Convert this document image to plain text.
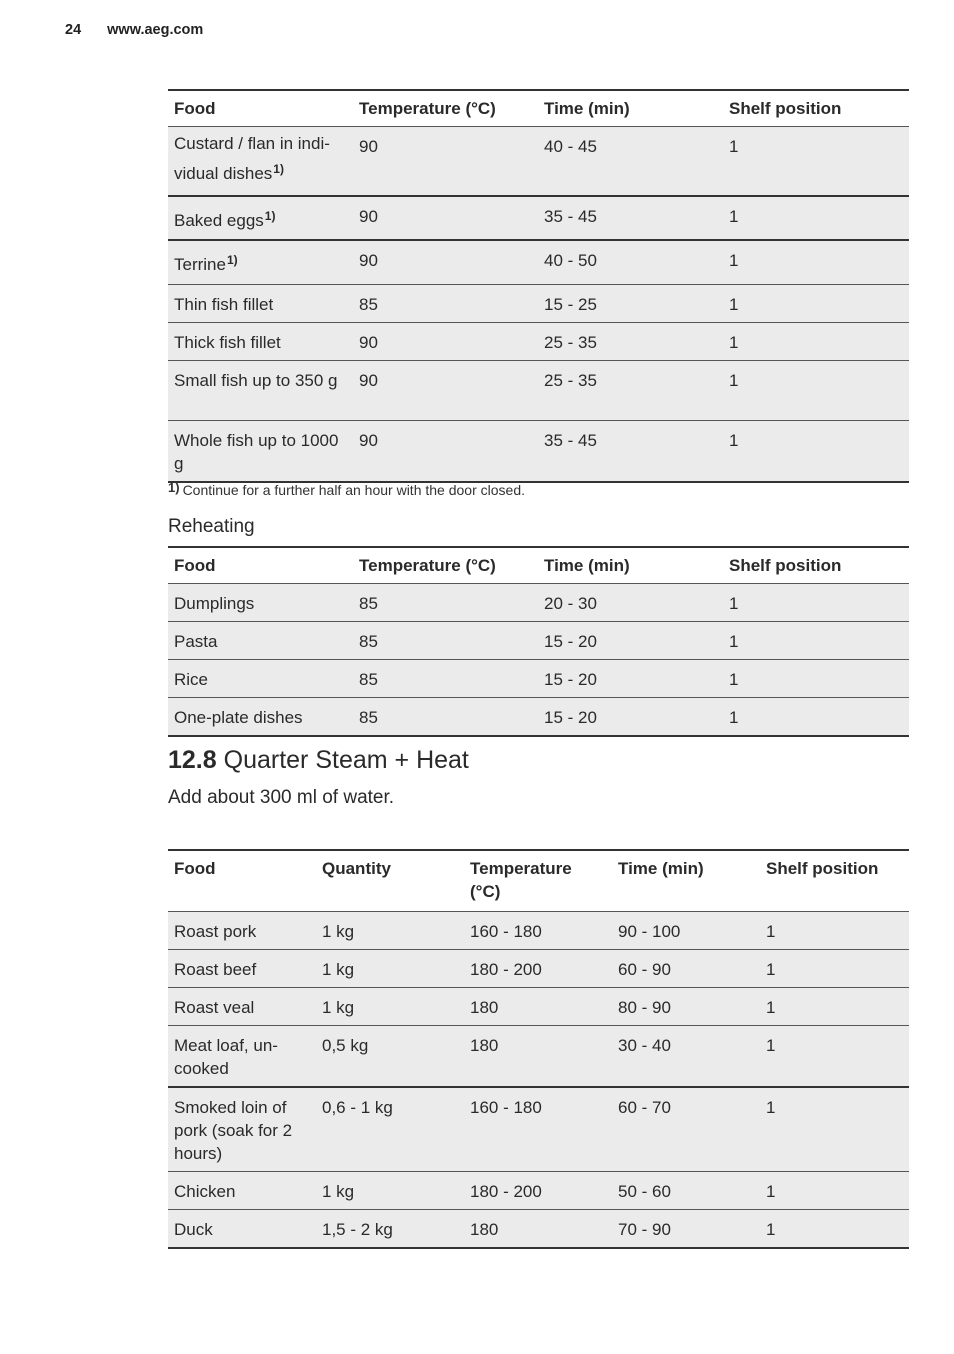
24 www.aeg.com
Food	Temperature (°C)	Time (min)	Shelf position
Custard / flan in indi-vidual dishes$^{1)}$	90	40 - 45	1
Baked eggs$^{1)}$	90	35 - 45	1
Terrine$^{1)}$	90	40 - 50	1
Thin fish fillet	85	15 - 25	1
Thick fish fillet	90	25 - 35	1
Small fish up to 350 g	90	25 - 35	1
Whole fish up to 1000 g	90	35 - 45	1
1) Continue for a further half an hour with the door closed.
Reheating
Food	Temperature (°C)	Time (min)	Shelf position
Dumplings	85	20 - 30	1
Pasta	85	15 - 20	1
Rice	85	15 - 20	1
One-plate dishes	85	15 - 20	1
12.8 Quarter Steam + Heat
Add about 300 ml of water.
Food	Quantity	Temperature (°C)	Time (min)	Shelf position
Roast pork	1 kg	160 - 180	90 - 100	1
Roast beef	1 kg	180 - 200	60 - 90	1
Roast veal	1 kg	180	80 - 90	1
Meat loaf, un-cooked	0,5 kg	180	30 - 40	1
Smoked loin of pork (soak for 2 hours)	0,6 - 1 kg	160 - 180	60 - 70	1
Chicken	1 kg	180 - 200	50 - 60	1
Duck	1,5 - 2 kg	180	70 - 90	1
